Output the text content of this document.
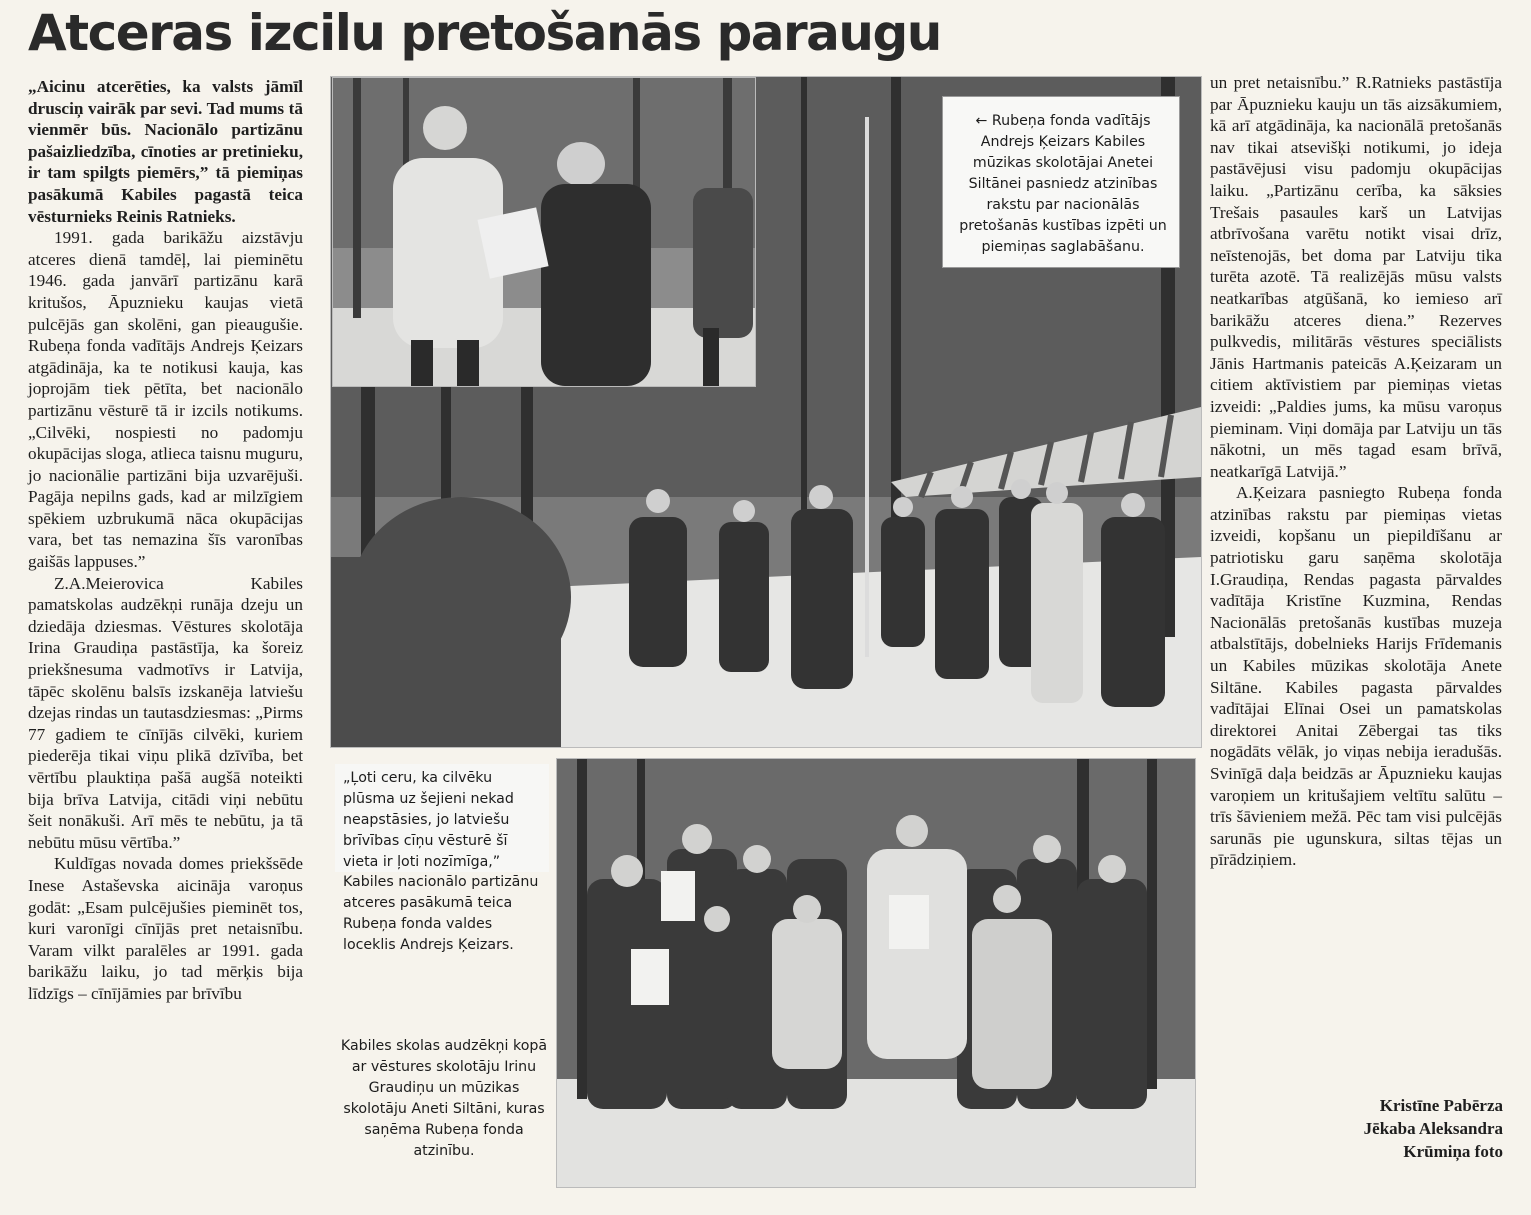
Atceras izcilu pretošanās paraugu

„Aicinu atcerēties, ka valsts jāmīl drusciņ vairāk par sevi. Tad mums tā vienmēr būs. Nacionālo partizānu pašaizliedzība, cīnoties ar pretinieku, ir tam spilgts piemērs,” tā piemiņas pasākumā Kabiles pagastā teica vēsturnieks Reinis Ratnieks.

1991. gada barikāžu aizstāvju atceres dienā tamdēļ, lai pieminētu 1946. gada janvārī partizānu karā kritušos, Āpuznieku kaujas vietā pulcējās gan skolēni, gan pieaugušie. Rubeņa fonda vadītājs Andrejs Ķeizars atgādināja, ka te notikusi kauja, kas joprojām tiek pētīta, bet nacionālo partizānu vēsturē tā ir izcils notikums. „Cilvēki, nospiesti no padomju okupācijas sloga, atliecа taisnu muguru, jo nacionālie partizāni bija uzvarējuši. Pagāja nepilns gads, kad ar milzīgiem spēkiem uzbrukumā nāca okupācijas vara, bet tas nemazina šīs varonības gaišās lappuses.”

Z.A.Meierovica Kabiles pamatskolas audzēkņi runāja dzeju un dziedāja dziesmas. Vēstures skolotāja Irina Graudiņa pastāstīja, ka šoreiz priekšnesuma vadmotīvs ir Latvija, tāpēc skolēnu balsīs izskanēja latviešu dzejas rindas un tautasdziesmas: „Pirms 77 gadiem te cīnījās cilvēki, kuriem piederēja tikai viņu plikā dzīvība, bet vērtību plauktiņa pašā augšā noteikti bija brīva Latvija, citādi viņi nebūtu šeit nonākuši. Arī mēs te nebūtu, ja tā nebūtu mūsu vērtība.”

Kuldīgas novada domes priekšsēde Inese Astaševska aicināja varoņus godāt: „Esam pulcējušies pieminēt tos, kuri varonīgi cīnījās pret netaisnību. Varam vilkt paralēles ar 1991. gada barikāžu laiku, jo tad mērķis bija līdzīgs – cīnījāmies par brīvību

← Rubeņa fonda vadītājs Andrejs Ķeizars Kabiles mūzikas skolotājai Anetei Siltānei pasniedz atzinības rakstu par nacionālās pretošanās kustības izpēti un piemiņas saglabāšanu.

„Ļoti ceru, ka cilvēku plūsma uz šejieni nekad neapstāsies, jo latviešu brīvības cīņu vēsturē šī vieta ir ļoti nozīmīga,”

Kabiles nacionālo partizānu atceres pasākumā teica Rubeņa fonda valdes loceklis Andrejs Ķeizars.

Kabiles skolas audzēkņi kopā ar vēstures skolotāju Irinu Graudiņu un mūzikas skolotāju Aneti Siltāni, kuras saņēma Rubeņa fonda atzinību.

un pret netaisnību.” R.Ratnieks pastāstīja par Āpuznieku kauju un tās aizsākumiem, kā arī atgādināja, ka nacionālā pretošanās nav tikai atsevišķi notikumi, jo ideja pastāvējusi visu padomju okupācijas laiku. „Partizānu cerība, ka sāksies Trešais pasaules karš un Latvijas atbrīvošana varētu notikt visai drīz, neīstenojās, bet doma par Latviju tika turēta azotē. Tā realizējās mūsu valsts neatkarības atgūšanā, ko iemieso arī barikāžu atceres diena.” Rezerves pulkvedis, militārās vēstures speciālists Jānis Hartmanis pateicās A.Ķeizaram un citiem aktīvistiem par piemiņas vietas izveidi: „Paldies jums, ka mūsu varoņus pieminam. Viņi domāja par Latviju un tās nākotni, un mēs tagad esam brīvā, neatkarīgā Latvijā.”

A.Ķeizara pasniegto Rubeņa fonda atzinības rakstu par piemiņas vietas izveidi, kopšanu un piepildīšanu ar patriotisku garu saņēma skolotāja I.Graudiņa, Rendas pagasta pārvaldes vadītāja Kristīne Kuzmina, Rendas Nacionālās pretošanās kustības muzeja atbalstītājs, dobelnieks Harijs Frīdemanis un Kabiles mūzikas skolotāja Anete Siltāne. Kabiles pagasta pārvaldes vadītājai Elīnai Osei un pamatskolas direktorei Anitai Zēbergai tas tiks nogādāts vēlāk, jo viņas nebija ieradušās. Svinīgā daļa beidzās ar Āpuznieku kaujas varoņiem un kritušajiem veltītu salūtu – trīs šāvieniem mežā. Pēc tam visi pulcējās sarunās pie ugunskura, siltas tējas un pīrādziņiem.

Kristīne Pabērza
Jēkaba Aleksandra
Krūmiņa foto
